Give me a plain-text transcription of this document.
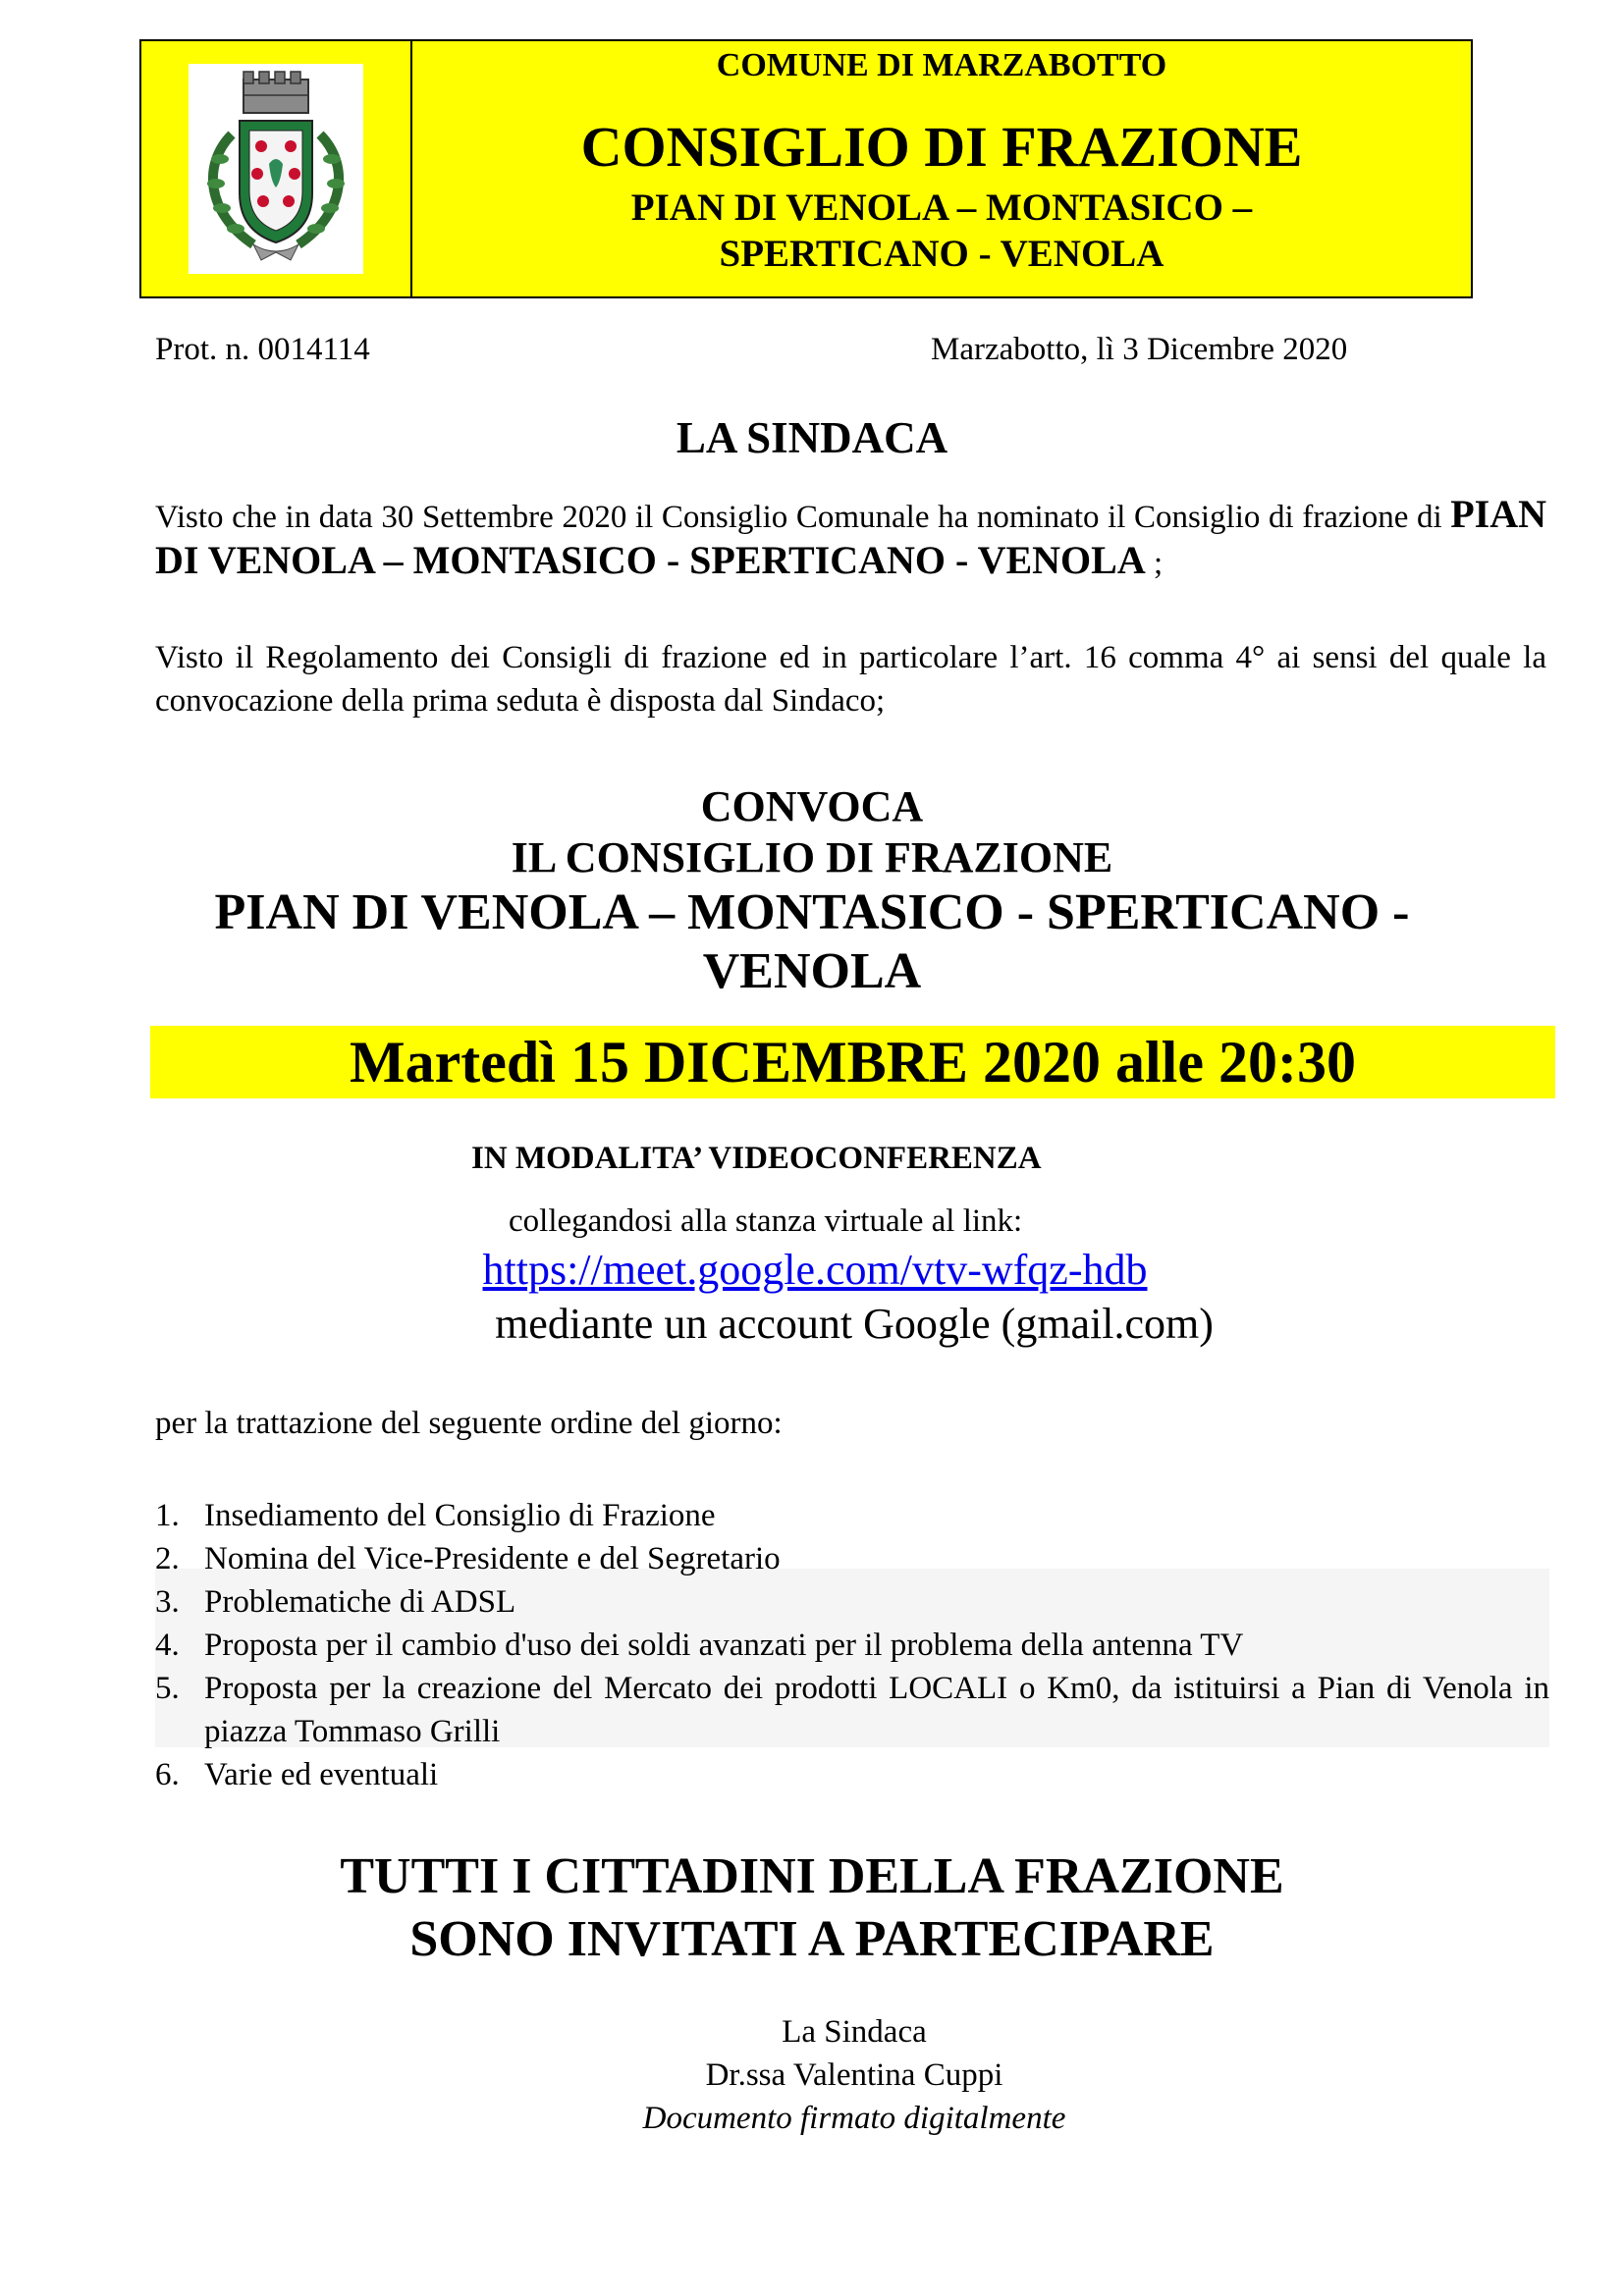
COMUNE DI MARZABOTTO
CONSIGLIO DI FRAZIONE
PIAN DI VENOLA – MONTASICO –
SPERTICANO - VENOLA
Prot. n. 0014114	Marzabotto, lì 3 Dicembre 2020
LA SINDACA
Visto che in data 30 Settembre 2020 il Consiglio Comunale ha nominato il Consiglio di frazione di PIAN DI VENOLA – MONTASICO - SPERTICANO - VENOLA ;
Visto il Regolamento dei Consigli di frazione ed in particolare l’art. 16 comma 4° ai sensi del quale la convocazione della prima seduta è disposta dal Sindaco;
CONVOCA
IL CONSIGLIO DI FRAZIONE
PIAN DI VENOLA – MONTASICO - SPERTICANO -
VENOLA
Martedì 15 DICEMBRE 2020 alle 20:30
IN MODALITA’ VIDEOCONFERENZA
collegandosi alla stanza virtuale al link:
https://meet.google.com/vtv-wfqz-hdb
mediante un account Google (gmail.com)
per la trattazione del seguente ordine del giorno:
1. Insediamento del Consiglio di Frazione
2. Nomina del Vice-Presidente e del Segretario
3. Problematiche di ADSL
4. Proposta per il cambio d'uso dei soldi avanzati per il problema della antenna TV
5. Proposta per la creazione del Mercato dei prodotti LOCALI o Km0, da istituirsi a Pian di Venola in piazza Tommaso Grilli
6. Varie ed eventuali
TUTTI I CITTADINI DELLA FRAZIONE
SONO INVITATI A PARTECIPARE
La Sindaca
Dr.ssa Valentina Cuppi
Documento firmato digitalmente
